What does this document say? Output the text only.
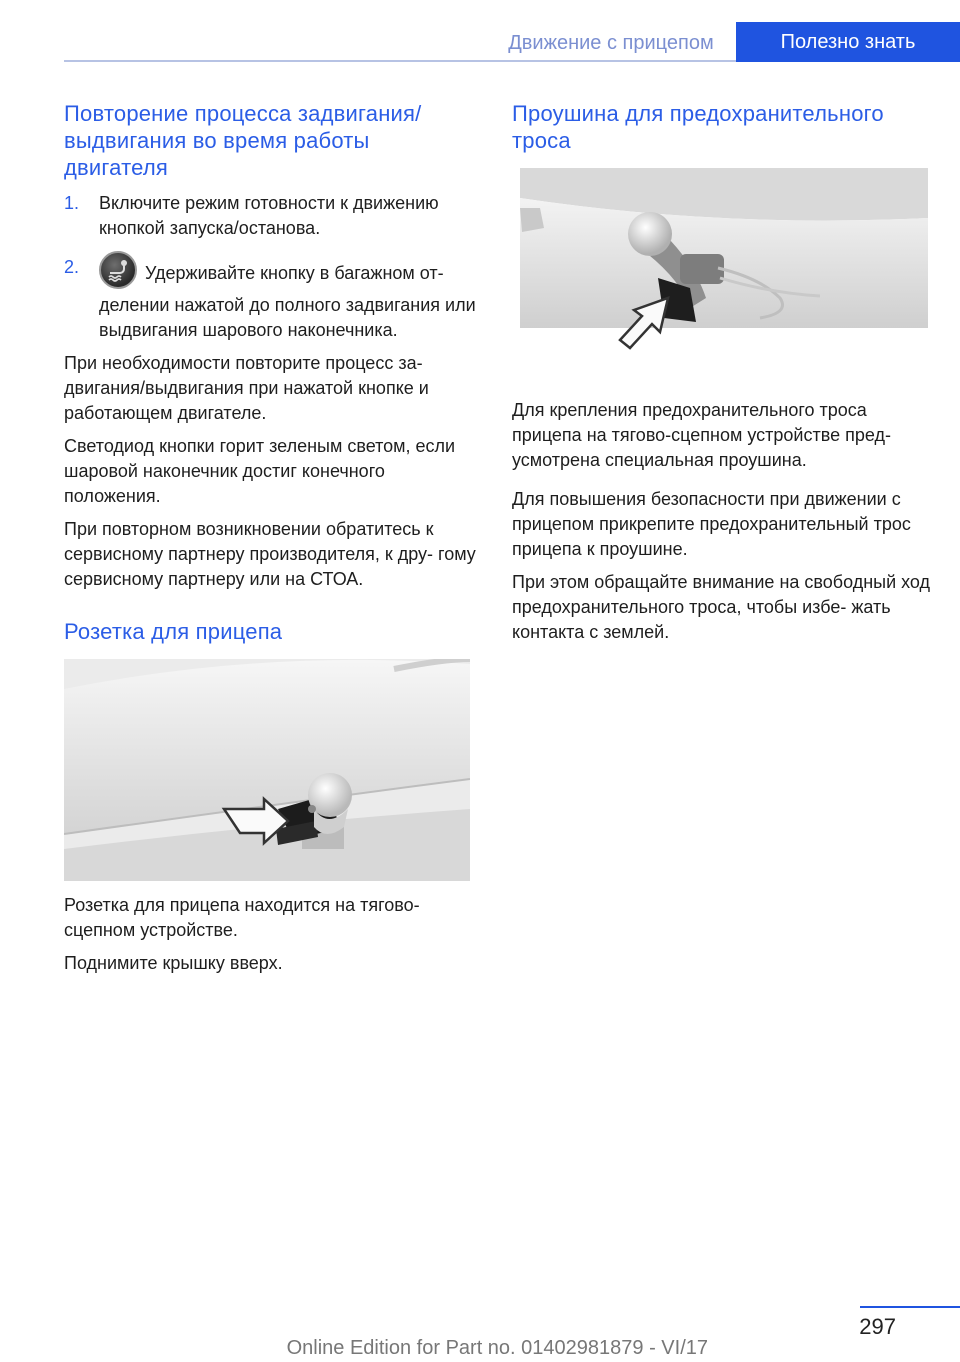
Движение с прицепом	Полезно знать
Повторение процесса задвигания/ выдвигания во время работы двигателя
1. Включите режим готовности к движению кнопкой запуска/останова.
2.	Удерживайте кнопку в багажном от- делении нажатой до полного задвигания или выдвигания шарового наконечника.

При необходимости повторите процесс за- двигания/выдвигания при нажатой кнопке и работающем двигателе.

Светодиод кнопки горит зеленым светом, если шаровой наконечник достиг конечного положения.

При повторном возникновении обратитесь к сервисному партнеру производителя, к дру- гому сервисному партнеру или на СТОА.

Розетка для прицепа

Розетка для прицепа находится на тягово- сцепном устройстве.

Поднимите крышку вверх.

Проушина для предохранительного троса

Для крепления предохранительного троса прицепа на тягово-сцепном устройстве пред- усмотрена специальная проушина.

Для повышения безопасности при движении с прицепом прикрепите предохранительный трос прицепа к проушине.

При этом обращайте внимание на свободный ход предохранительного троса, чтобы избе- жать контакта с землей.

297
Online Edition for Part no. 01402981879 - VI/17
